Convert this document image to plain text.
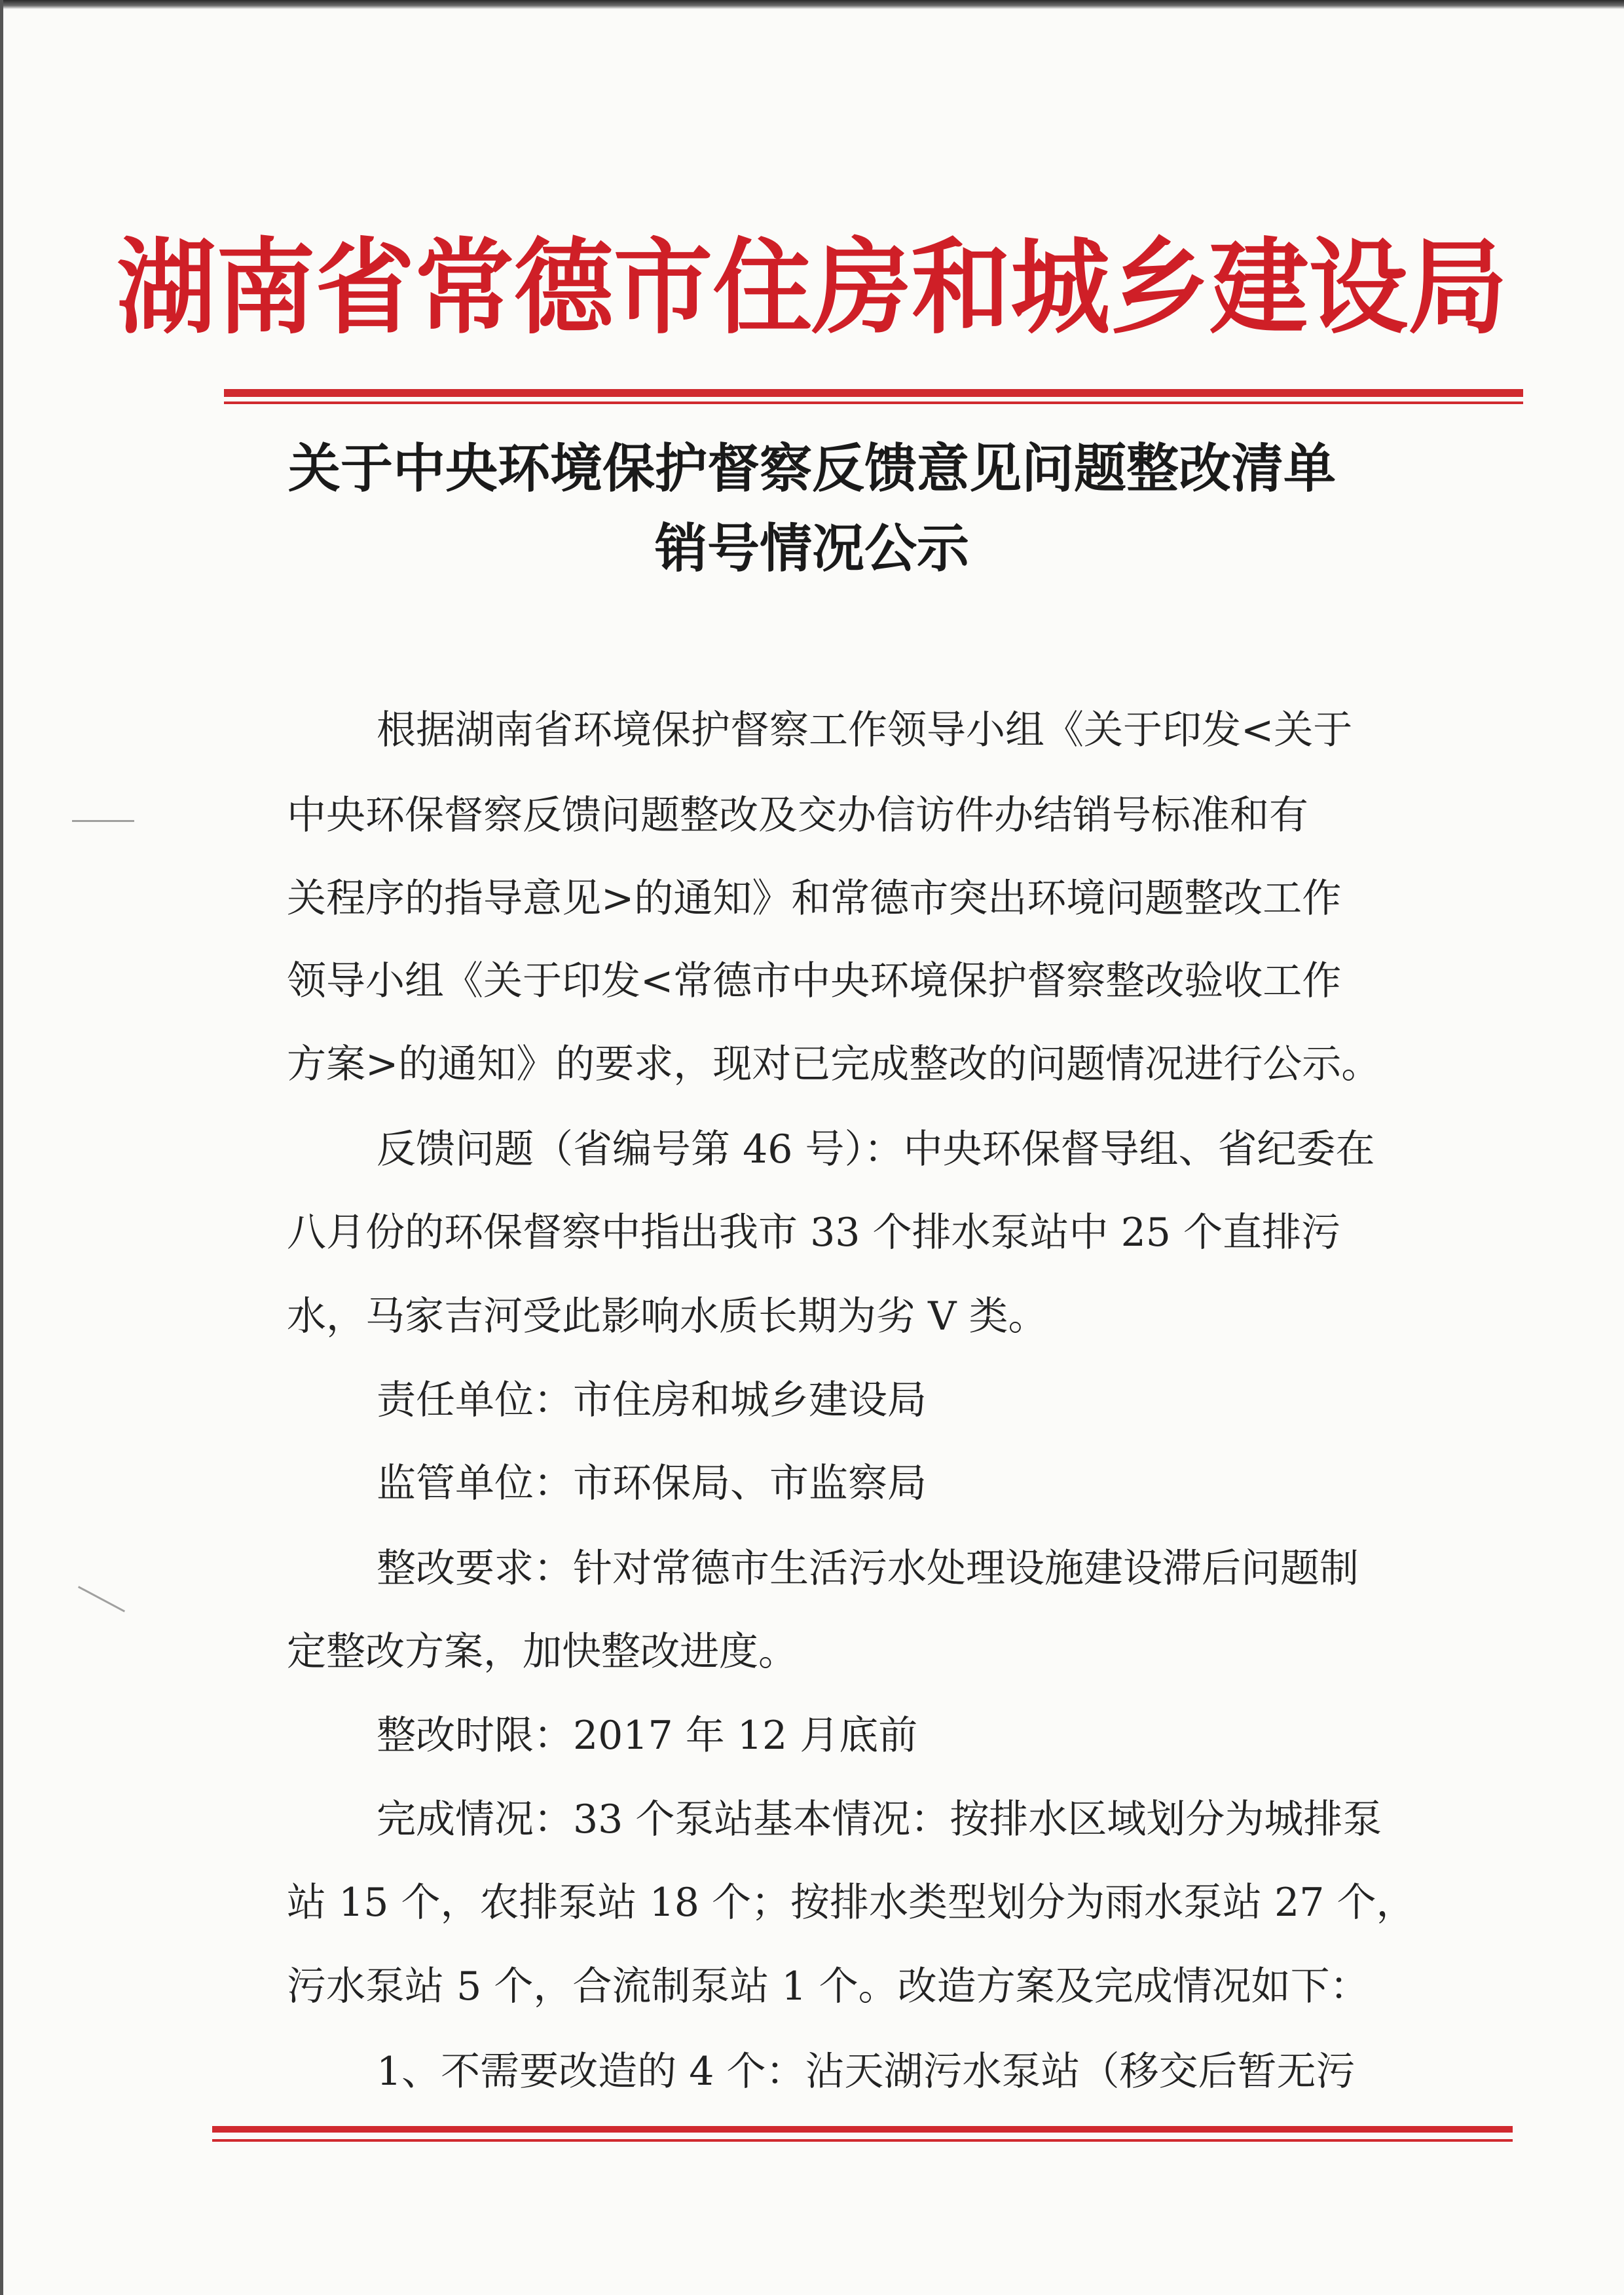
湖南省常德市住房和城乡建设局
关于中央环境保护督察反馈意见问题整改清单
销号情况公示
根据湖南省环境保护督察工作领导小组《关于印发<关于
中央环保督察反馈问题整改及交办信访件办结销号标准和有
关程序的指导意见>的通知》和常德市突出环境问题整改工作
领导小组《关于印发<常德市中央环境保护督察整改验收工作
方案>的通知》的要求，现对已完成整改的问题情况进行公示。
反馈问题（省编号第 46 号）：中央环保督导组、省纪委在
八月份的环保督察中指出我市 33 个排水泵站中 25 个直排污
水，马家吉河受此影响水质长期为劣 V 类。
责任单位：市住房和城乡建设局
监管单位：市环保局、市监察局
整改要求：针对常德市生活污水处理设施建设滞后问题制
定整改方案，加快整改进度。
整改时限：2017 年 12 月底前
完成情况：33 个泵站基本情况：按排水区域划分为城排泵
站 15 个，农排泵站 18 个；按排水类型划分为雨水泵站 27 个，
污水泵站 5 个，合流制泵站 1 个。改造方案及完成情况如下：
1、不需要改造的 4 个：沾天湖污水泵站（移交后暂无污
